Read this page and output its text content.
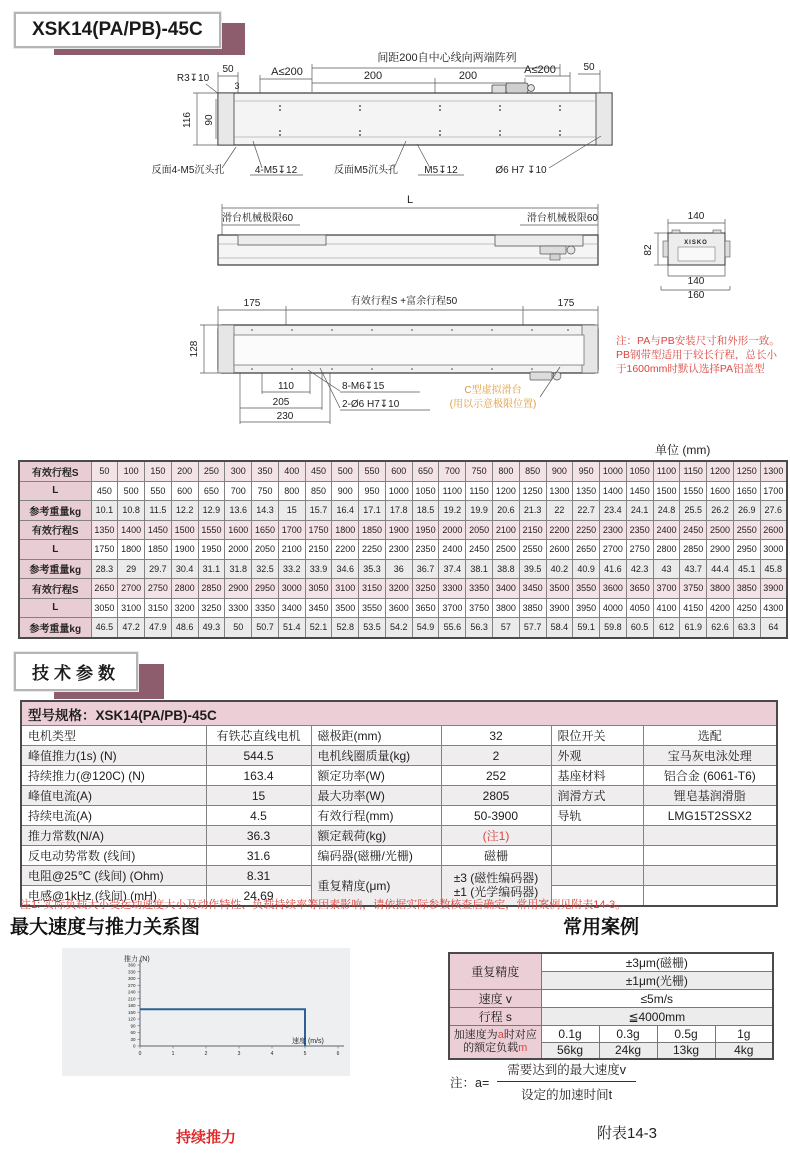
XSK14(PA/PB)-45C
间距200自中心线向两端阵列
50	A≤200	200	200	A≤200	50
R3↧10
3
116 90
反面4-M5沉头孔	4-M5↧12	反面M5沉头孔	M5↧12	Ø6 H7 ↧10
L
滑台机械极限60	滑台机械极限60	140
82
XISKO
140
160
175	有效行程S +富余行程50	175
128
110
205
230
8-M6↧15
2-Ø6 H7↧10
C型虚拟滑台
(用以示意极限位置)
注：PA与PB安装尺寸和外形一致。
PB钢带型适用于较长行程，总长小
于1600mm时默认选择PA铝盖型
单位 (mm)
有效行程S	50	100	150	200	250	300	350	400	450	500	550	600	650	700	750	800	850	900	950	1000	1050	1100	1150	1200	1250	1300
L	450	500	550	600	650	700	750	800	850	900	950	1000	1050	1100	1150	1200	1250	1300	1350	1400	1450	1500	1550	1600	1650	1700
参考重量kg	10.1	10.8	11.5	12.2	12.9	13.6	14.3	15	15.7	16.4	17.1	17.8	18.5	19.2	19.9	20.6	21.3	22	22.7	23.4	24.1	24.8	25.5	26.2	26.9	27.6
有效行程S	1350	1400	1450	1500	1550	1600	1650	1700	1750	1800	1850	1900	1950	2000	2050	2100	2150	2200	2250	2300	2350	2400	2450	2500	2550	2600
L	1750	1800	1850	1900	1950	2000	2050	2100	2150	2200	2250	2300	2350	2400	2450	2500	2550	2600	2650	2700	2750	2800	2850	2900	2950	3000
参考重量kg	28.3	29	29.7	30.4	31.1	31.8	32.5	33.2	33.9	34.6	35.3	36	36.7	37.4	38.1	38.8	39.5	40.2	40.9	41.6	42.3	43	43.7	44.4	45.1	45.8
有效行程S	2650	2700	2750	2800	2850	2900	2950	3000	3050	3100	3150	3200	3250	3300	3350	3400	3450	3500	3550	3600	3650	3700	3750	3800	3850	3900
L	3050	3100	3150	3200	3250	3300	3350	3400	3450	3500	3550	3600	3650	3700	3750	3800	3850	3900	3950	4000	4050	4100	4150	4200	4250	4300
参考重量kg	46.5	47.2	47.9	48.6	49.3	50	50.7	51.4	52.1	52.8	53.5	54.2	54.9	55.6	56.3	57	57.7	58.4	59.1	59.8	60.5	612	61.9	62.6	63.3	64
技术参数
型号规格：XSK14(PA/PB)-45C					
电机类型	有铁芯直线电机	磁极距(mm)	32	限位开关	选配
峰值推力(1s) (N)	544.5	电机线圈质量(kg)	2	外观	宝马灰电泳处理
持续推力(@120C) (N)	163.4	额定功率(W)	252	基座材料	铝合金 (6061-T6)
峰值电流(A)	15	最大功率(W)	2805	润滑方式	锂皂基润滑脂
持续电流(A)	4.5	有效行程(mm)	50-3900	导轨	LMG15T2SSX2
推力常数(N/A)	36.3	额定载荷(kg)	(注1)		
反电动势常数 (线间)	31.6	编码器(磁栅/光栅)	磁栅		
电阻@25℃ (线间) (Ohm)	8.31	重复精度(μm)	±3 (磁性编码器)
±1 (光学编码器)		

电感@1kHz (线间) (mH)	24.69				
注1: 实际负载大小受运动速度大小及动作特性、负载持续率等因素影响，请依据实际参数核查后确定，常用案例见附表14-3。
最大速度与推力关系图	常用案例
0
30
60
90
120
150
180
210
240
270
300
330
360
0	1	2	3	4	5	6
推力 (N)
速度 (m/s)
持续推力
重复精度	±3μm(磁栅)			
	±1μm(光栅)			
速度 v	≤5m/s			
行程 s	≦4000mm			
加速度为a时对应的额定负载m	0.1g	0.3g	0.5g	1g
	56kg	24kg	13kg	4kg
注：$a= \frac{\text{需要达到的最大速度v}}{\text{设定的加速时间t}}$
附表14-3
